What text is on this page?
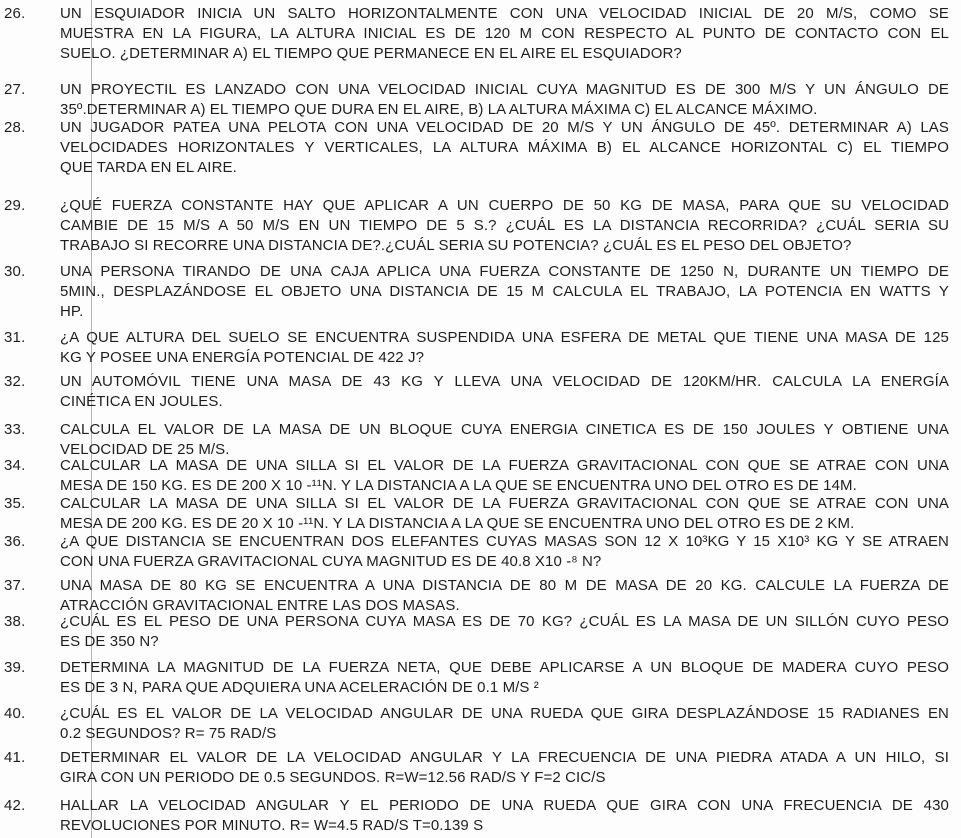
26. UN ESQUIADOR INICIA UN SALTO HORIZONTALMENTE CON UNA VELOCIDAD INICIAL DE 20 M/S, COMO SE
MUESTRA EN LA FIGURA, LA ALTURA INICIAL ES DE 120 M CON RESPECTO AL PUNTO DE CONTACTO CON EL
SUELO. ¿DETERMINAR A) EL TIEMPO QUE PERMANECE EN EL AIRE EL ESQUIADOR?
27. UN PROYECTIL ES LANZADO CON UNA VELOCIDAD INICIAL CUYA MAGNITUD ES DE 300 M/S Y UN ÁNGULO DE
35º.DETERMINAR A) EL TIEMPO QUE DURA EN EL AIRE, B) LA ALTURA MÁXIMA C) EL ALCANCE MÁXIMO.
28. UN JUGADOR PATEA UNA PELOTA CON UNA VELOCIDAD DE 20 M/S Y UN ÁNGULO DE 45º. DETERMINAR A) LAS
VELOCIDADES HORIZONTALES Y VERTICALES, LA ALTURA MÁXIMA B) EL ALCANCE HORIZONTAL C) EL TIEMPO
QUE TARDA EN EL AIRE.
29. ¿QUÉ FUERZA CONSTANTE HAY QUE APLICAR A UN CUERPO DE 50 KG DE MASA, PARA QUE SU VELOCIDAD
CAMBIE DE 15 M/S A 50 M/S EN UN TIEMPO DE 5 S.? ¿CUÁL ES LA DISTANCIA RECORRIDA? ¿CUÁL SERIA SU
TRABAJO SI RECORRE UNA DISTANCIA DE?.¿CUÁL SERIA SU POTENCIA? ¿CUÁL ES EL PESO DEL OBJETO?
30. UNA PERSONA TIRANDO DE UNA CAJA APLICA UNA FUERZA CONSTANTE DE 1250 N, DURANTE UN TIEMPO DE
5MIN., DESPLAZÁNDOSE EL OBJETO UNA DISTANCIA DE 15 M CALCULA EL TRABAJO, LA POTENCIA EN WATTS Y
HP.
31. ¿A QUE ALTURA DEL SUELO SE ENCUENTRA SUSPENDIDA UNA ESFERA DE METAL QUE TIENE UNA MASA DE 125
KG Y POSEE UNA ENERGÍA POTENCIAL DE 422 J?
32. UN AUTOMÓVIL TIENE UNA MASA DE 43 KG Y LLEVA UNA VELOCIDAD DE 120KM/HR. CALCULA LA ENERGÍA
CINÉTICA EN JOULES.
33. CALCULA EL VALOR DE LA MASA DE UN BLOQUE CUYA ENERGIA CINETICA ES DE 150 JOULES Y OBTIENE UNA
VELOCIDAD DE 25 M/S.
34. CALCULAR LA MASA DE UNA SILLA SI EL VALOR DE LA FUERZA GRAVITACIONAL CON QUE SE ATRAE CON UNA
MESA DE 150 KG. ES DE 200 X 10 -¹¹N. Y LA DISTANCIA A LA QUE SE ENCUENTRA UNO DEL OTRO ES DE 14M.
35. CALCULAR LA MASA DE UNA SILLA SI EL VALOR DE LA FUERZA GRAVITACIONAL CON QUE SE ATRAE CON UNA
MESA DE 200 KG. ES DE 20 X 10 -¹¹N. Y LA DISTANCIA A LA QUE SE ENCUENTRA UNO DEL OTRO ES DE 2 KM.
36. ¿A QUE DISTANCIA SE ENCUENTRAN DOS ELEFANTES CUYAS MASAS SON 12 X 10³KG Y 15 X10³ KG Y SE ATRAEN
CON UNA FUERZA GRAVITACIONAL CUYA MAGNITUD ES DE 40.8 X10 -⁸ N?
37. UNA MASA DE 80 KG SE ENCUENTRA A UNA DISTANCIA DE 80 M DE MASA DE 20 KG. CALCULE LA FUERZA DE
ATRACCIÓN GRAVITACIONAL ENTRE LAS DOS MASAS.
38. ¿CUÁL ES EL PESO DE UNA PERSONA CUYA MASA ES DE 70 KG? ¿CUÁL ES LA MASA DE UN SILLÓN CUYO PESO
ES DE 350 N?
39. DETERMINA LA MAGNITUD DE LA FUERZA NETA, QUE DEBE APLICARSE A UN BLOQUE DE MADERA CUYO PESO
ES DE 3 N, PARA QUE ADQUIERA UNA ACELERACIÓN DE 0.1 M/S ²
40. ¿CUÁL ES EL VALOR DE LA VELOCIDAD ANGULAR DE UNA RUEDA QUE GIRA DESPLAZÁNDOSE 15 RADIANES EN
0.2 SEGUNDOS? R= 75 RAD/S
41. DETERMINAR EL VALOR DE LA VELOCIDAD ANGULAR Y LA FRECUENCIA DE UNA PIEDRA ATADA A UN HILO, SI
GIRA CON UN PERIODO DE 0.5 SEGUNDOS. R=W=12.56 RAD/S Y F=2 CIC/S
42. HALLAR LA VELOCIDAD ANGULAR Y EL PERIODO DE UNA RUEDA QUE GIRA CON UNA FRECUENCIA DE 430
REVOLUCIONES POR MINUTO. R= W=4.5 RAD/S T=0.139 S
